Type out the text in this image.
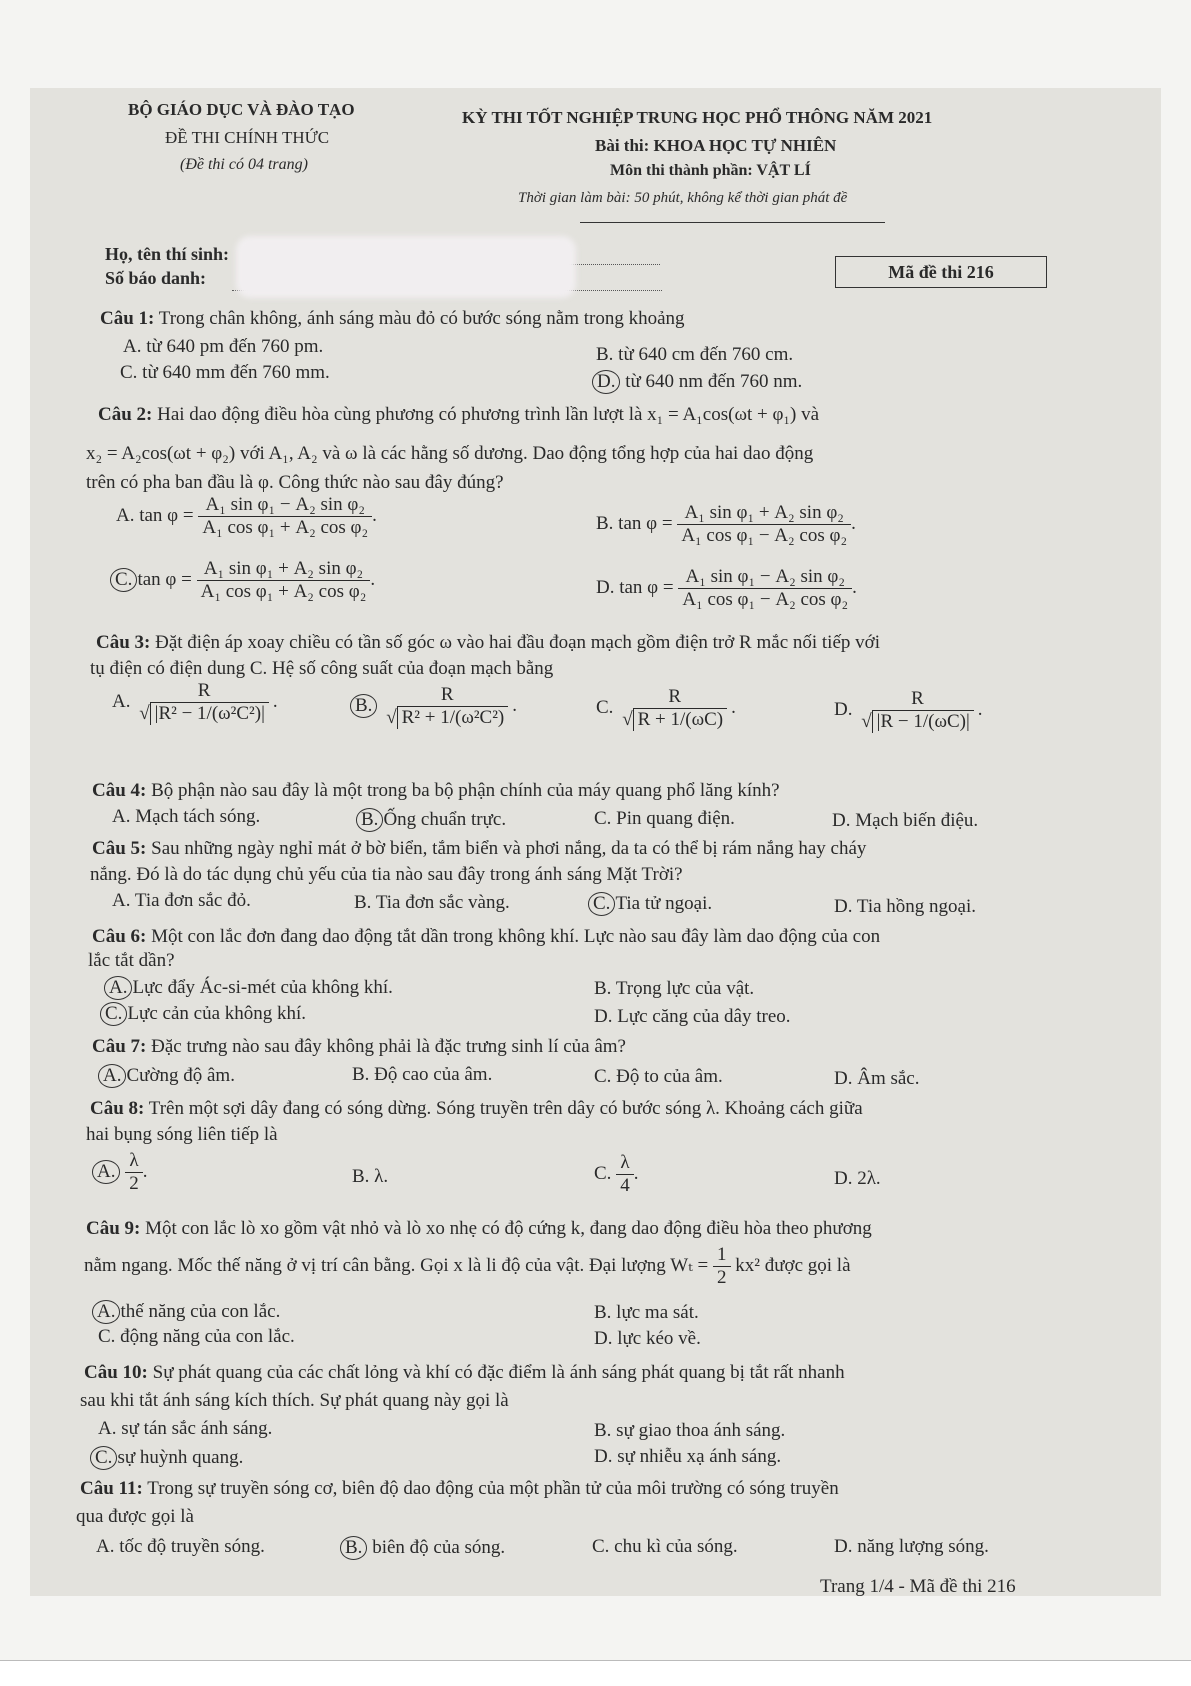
BỘ GIÁO DỤC VÀ ĐÀO TẠO
ĐỀ THI CHÍNH THỨC
(Đề thi có 04 trang)
KỲ THI TỐT NGHIỆP TRUNG HỌC PHỔ THÔNG NĂM 2021
Bài thi: KHOA HỌC TỰ NHIÊN
Môn thi thành phần: VẬT LÍ
Thời gian làm bài: 50 phút, không kể thời gian phát đề
Họ, tên thí sinh:
Số báo danh:	Mã đề thi 216
Câu 1: Trong chân không, ánh sáng màu đỏ có bước sóng nằm trong khoảng
A. từ 640 pm đến 760 pm.	B. từ 640 cm đến 760 cm.
C. từ 640 mm đến 760 mm.	D. từ 640 nm đến 760 nm.
Câu 2: Hai dao động điều hòa cùng phương có phương trình lần lượt là x₁ = A₁cos(ωt + φ₁) và
x₂ = A₂cos(ωt + φ₂) với A₁, A₂ và ω là các hằng số dương. Dao động tổng hợp của hai dao động
trên có pha ban đầu là φ. Công thức nào sau đây đúng?
A. $\tan \varphi = \frac{\text{A₁ sin φ₁ − A₂ sin φ₂}}{\text{A₁ cos φ₁ + A₂ cos φ₂}}$ .	B. $\tan \varphi = \frac{\text{A₁ sin φ₁ + A₂ sin φ₂}}{\text{A₁ cos φ₁ − A₂ cos φ₂}}$ .
C. $\tan \varphi = \frac{\text{A₁ sin φ₁ + A₂ sin φ₂}}{\text{A₁ cos φ₁ + A₂ cos φ₂}}$ .	D. $\tan \varphi = \frac{\text{A₁ sin φ₁ − A₂ sin φ₂}}{\text{A₁ cos φ₁ − A₂ cos φ₂}}$ .
Câu 3: Đặt điện áp xoay chiều có tần số góc ω vào hai đầu đoạn mạch gồm điện trở R mắc nối tiếp với
tụ điện có điện dung C. Hệ số công suất của đoạn mạch bằng
A.
R
√ |R² − 1/(ω²C²)|
.	B.
R
√ R² + 1/(ω²C²)
.	C.
R
√ R + 1/(ωC)
.	D.
R
√ |R − 1/(ωC)|
.
Câu 4: Bộ phận nào sau đây là một trong ba bộ phận chính của máy quang phổ lăng kính?
A. Mạch tách sóng.	B. Ống chuẩn trực.	C. Pin quang điện.	D. Mạch biến điệu.
Câu 5: Sau những ngày nghỉ mát ở bờ biển, tắm biển và phơi nắng, da ta có thể bị rám nắng hay cháy
nắng. Đó là do tác dụng chủ yếu của tia nào sau đây trong ánh sáng Mặt Trời?
A. Tia đơn sắc đỏ.	B. Tia đơn sắc vàng.	C. Tia tử ngoại.	D. Tia hồng ngoại.
Câu 6: Một con lắc đơn đang dao động tắt dần trong không khí. Lực nào sau đây làm dao động của con
lắc tắt dần?
A. Lực đẩy Ác-si-mét của không khí.	B. Trọng lực của vật.
C. Lực cản của không khí.	D. Lực căng của dây treo.
Câu 7: Đặc trưng nào sau đây không phải là đặc trưng sinh lí của âm?
A. Cường độ âm.	B. Độ cao của âm.	C. Độ to của âm.	D. Âm sắc.
Câu 8: Trên một sợi dây đang có sóng dừng. Sóng truyền trên dây có bước sóng λ. Khoảng cách giữa
hai bụng sóng liên tiếp là
A. $\frac{\lambda}{2}$ .	B. λ.	C. $\frac{\lambda}{4}$ .	D. 2λ.
Câu 9: Một con lắc lò xo gồm vật nhỏ và lò xo nhẹ có độ cứng k, đang dao động điều hòa theo phương
nằm ngang. Mốc thế năng ở vị trí cân bằng. Gọi x là li độ của vật. Đại lượng $W_t = \frac{1}{2} kx^2$ được gọi là
A. thế năng của con lắc.	B. lực ma sát.
C. động năng của con lắc.	D. lực kéo về.
Câu 10: Sự phát quang của các chất lỏng và khí có đặc điểm là ánh sáng phát quang bị tắt rất nhanh
sau khi tắt ánh sáng kích thích. Sự phát quang này gọi là
A. sự tán sắc ánh sáng.	B. sự giao thoa ánh sáng.
C. sự huỳnh quang.	D. sự nhiễu xạ ánh sáng.
Câu 11: Trong sự truyền sóng cơ, biên độ dao động của một phần tử của môi trường có sóng truyền
qua được gọi là
A. tốc độ truyền sóng.	B. biên độ của sóng.	C. chu kì của sóng.	D. năng lượng sóng.
Trang 1/4 - Mã đề thi 216
